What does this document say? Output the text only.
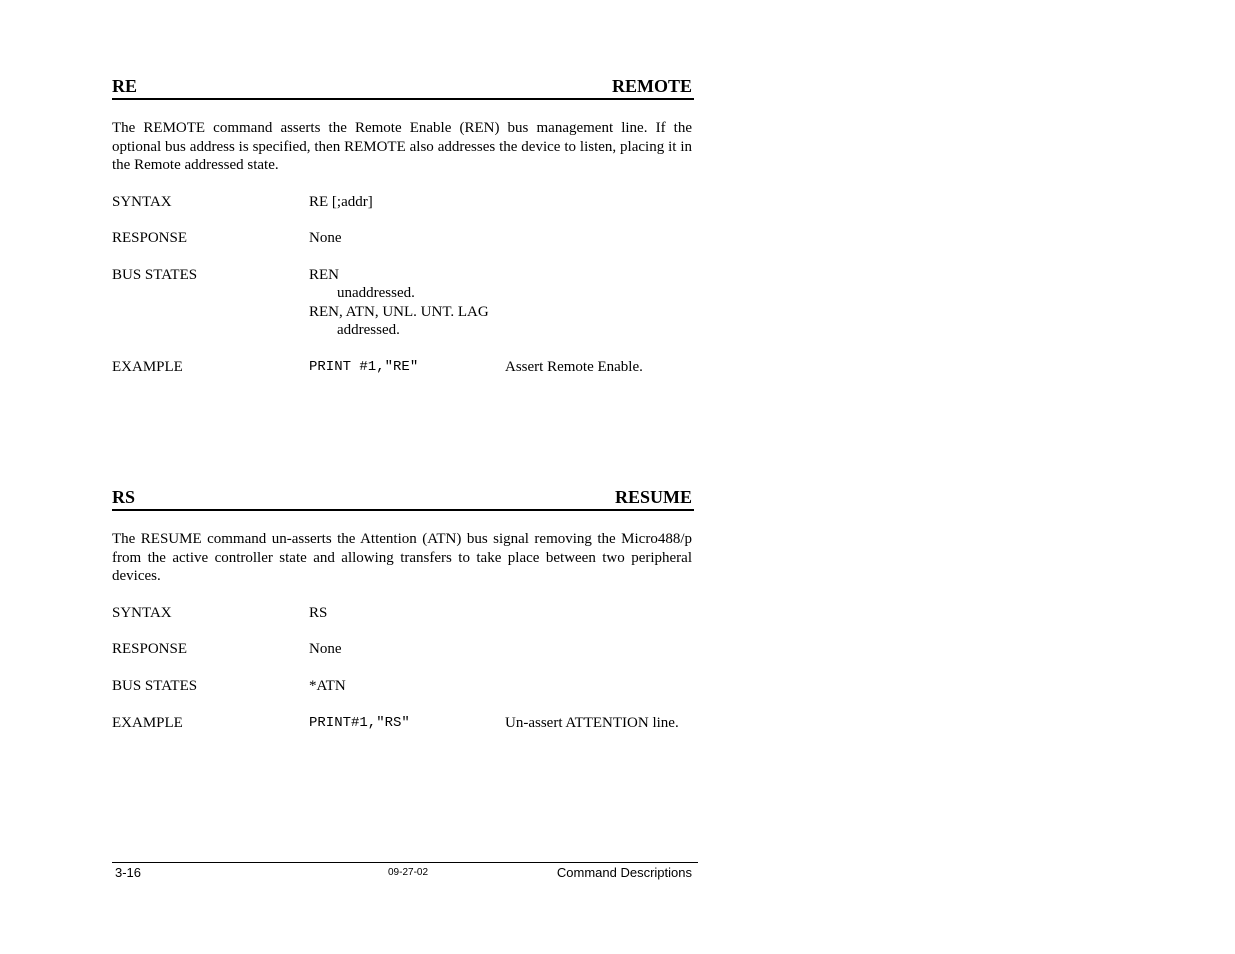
RE	REMOTE
The REMOTE command asserts the Remote Enable (REN) bus management line. If the optional bus address is specified, then REMOTE also addresses the device to listen, placing it in the Remote addressed state.
SYNTAX	RE [;addr]
RESPONSE	None
BUS STATES	REN
unaddressed.
REN, ATN, UNL. UNT. LAG
addressed.
EXAMPLE	PRINT #1,"RE"	Assert Remote Enable.
RS	RESUME
The RESUME command un-asserts the Attention (ATN) bus signal removing the Micro488/p from the active controller state and allowing transfers to take place between two peripheral devices.
SYNTAX	RS
RESPONSE	None
BUS STATES	*ATN
EXAMPLE	PRINT#1,"RS"	Un-assert ATTENTION line.
3-16	09-27-02	Command Descriptions
